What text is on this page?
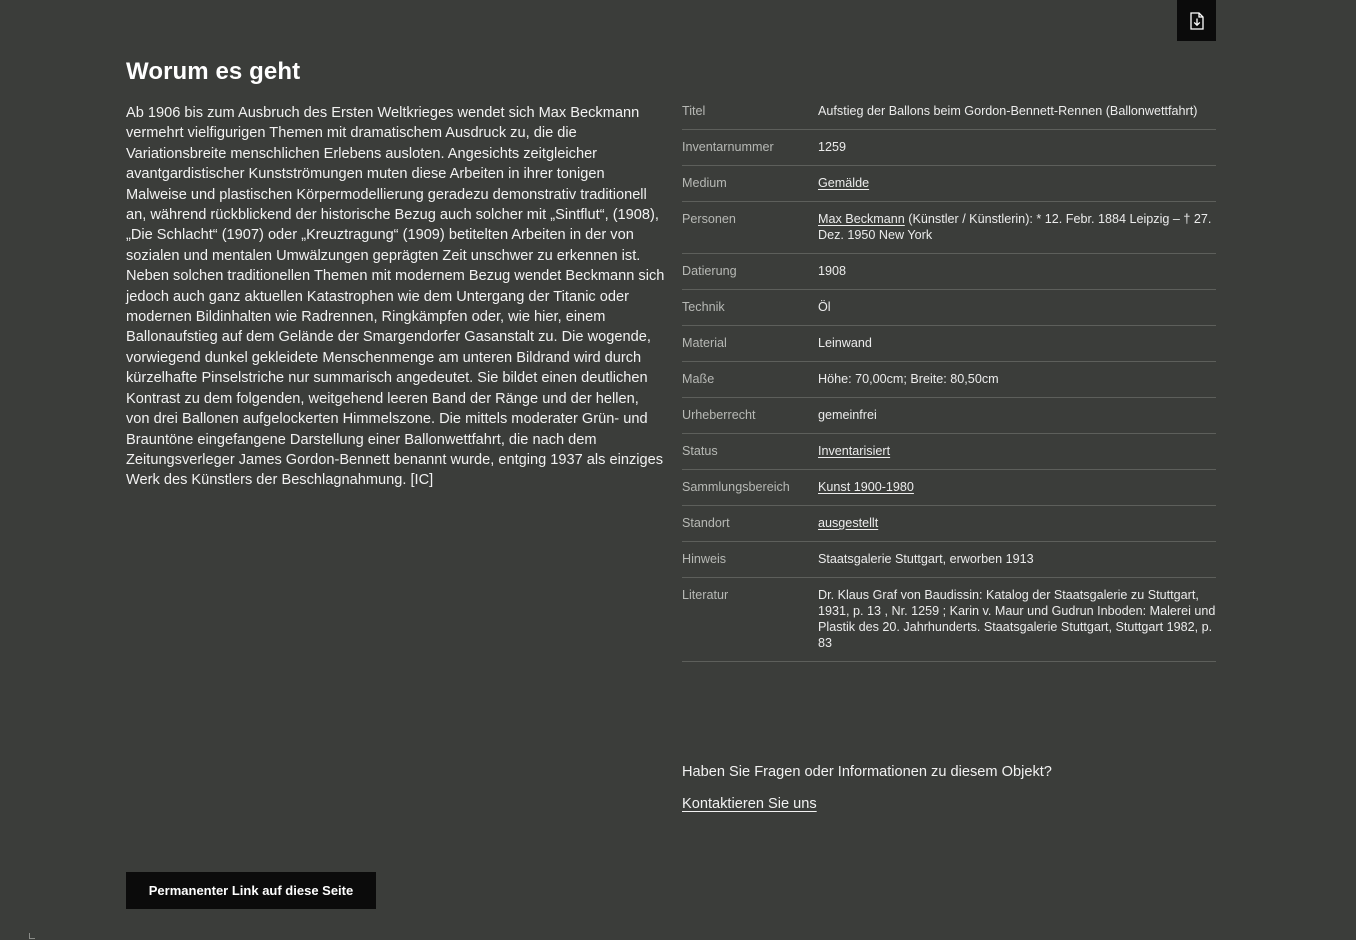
Worum es geht

Ab 1906 bis zum Ausbruch des Ersten Weltkrieges wendet sich Max Beckmann vermehrt vielfigurigen Themen mit dramatischem Ausdruck zu, die die Variationsbreite menschlichen Erlebens ausloten. Angesichts zeitgleicher avantgardistischer Kunstströmungen muten diese Arbeiten in ihrer tonigen Malweise und plastischen Körpermodellierung geradezu demonstrativ traditionell an, während rückblickend der historische Bezug auch solcher mit „Sintflut“, (1908), „Die Schlacht“ (1907) oder „Kreuztragung“ (1909) betitelten Arbeiten in der von sozialen und mentalen Umwälzungen geprägten Zeit unschwer zu erkennen ist. Neben solchen traditionellen Themen mit modernem Bezug wendet Beckmann sich jedoch auch ganz aktuellen Katastrophen wie dem Untergang der Titanic oder modernen Bildinhalten wie Radrennen, Ringkämpfen oder, wie hier, einem Ballonaufstieg auf dem Gelände der Smargendorfer Gasanstalt zu. Die wogende, vorwiegend dunkel gekleidete Menschenmenge am unteren Bildrand wird durch kürzelhafte Pinselstriche nur summarisch angedeutet. Sie bildet einen deutlichen Kontrast zu dem folgenden, weitgehend leeren Band der Ränge und der hellen, von drei Ballonen aufgelockerten Himmelszone. Die mittels moderater Grün- und Brauntöne eingefangene Darstellung einer Ballonwettfahrt, die nach dem Zeitungsverleger James Gordon-Bennett benannt wurde, entging 1937 als einziges Werk des Künstlers der Beschlagnahmung. [IC]

Titel	Aufstieg der Ballons beim Gordon-Bennett-Rennen (Ballonwettfahrt)
Inventarnummer	1259
Medium	Gemälde
Personen	Max Beckmann (Künstler / Künstlerin): * 12. Febr. 1884 Leipzig – † 27. Dez. 1950 New York
Datierung	1908
Technik	Öl
Material	Leinwand
Maße	Höhe: 70,00cm; Breite: 80,50cm
Urheberrecht	gemeinfrei
Status	Inventarisiert
Sammlungsbereich	Kunst 1900-1980
Standort	ausgestellt
Hinweis	Staatsgalerie Stuttgart, erworben 1913
Literatur	Dr. Klaus Graf von Baudissin: Katalog der Staatsgalerie zu Stuttgart, 1931, p. 13 , Nr. 1259 ; Karin v. Maur und Gudrun Inboden: Malerei und Plastik des 20. Jahrhunderts. Staatsgalerie Stuttgart, Stuttgart 1982, p. 83

Haben Sie Fragen oder Informationen zu diesem Objekt?

Kontaktieren Sie uns
Permanenter Link auf diese Seite
